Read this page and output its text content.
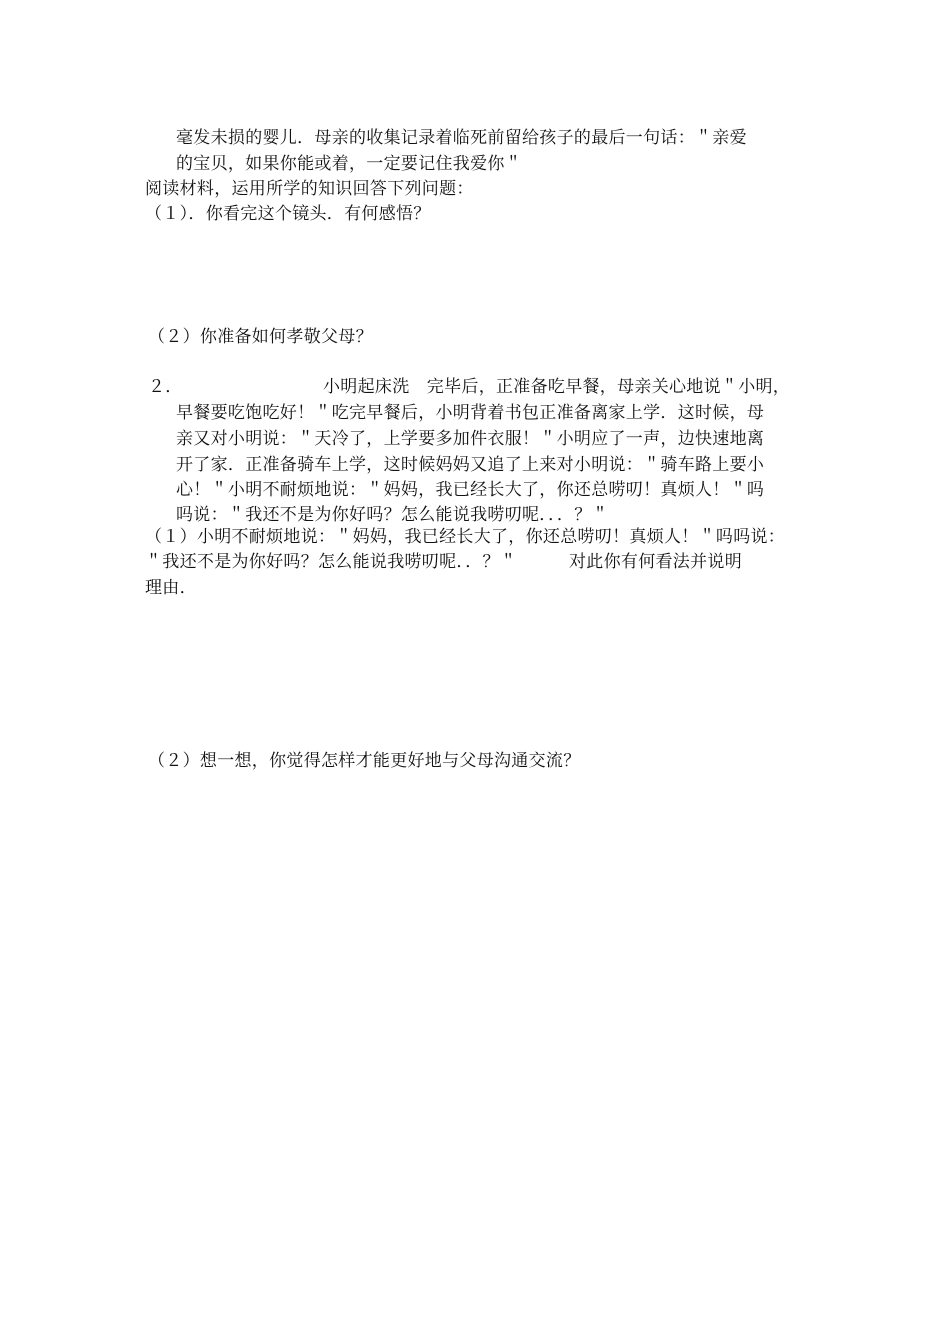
毫发未损的婴儿．母亲的收集记录着临死前留给孩子的最后一句话：＂亲爱
的宝贝，如果你能或着，一定要记住我爱你＂
阅读材料，运用所学的知识回答下列问题：
（１）．你看完这个镜头．有何感悟？
（２）你准备如何孝敬父母？
２．	小明起床洗　完毕后，正准备吃早餐，母亲关心地说＂小明，
早餐要吃饱吃好！＂吃完早餐后，小明背着书包正准备离家上学．这时候，母
亲又对小明说：＂天冷了，上学要多加件衣服！＂小明应了一声，边快速地离
开了家．正准备骑车上学，这时候妈妈又追了上来对小明说：＂骑车路上要小
心！＂小明不耐烦地说：＂妈妈，我已经长大了，你还总唠叨！真烦人！＂吗
吗说：＂我还不是为你好吗？怎么能说我唠叨呢．．．？＂
（１）小明不耐烦地说：＂妈妈，我已经长大了，你还总唠叨！真烦人！＂吗吗说：
＂我还不是为你好吗？怎么能说我唠叨呢．．？＂　　　对此你有何看法并说明
理由．
（２）想一想，你觉得怎样才能更好地与父母沟通交流？
